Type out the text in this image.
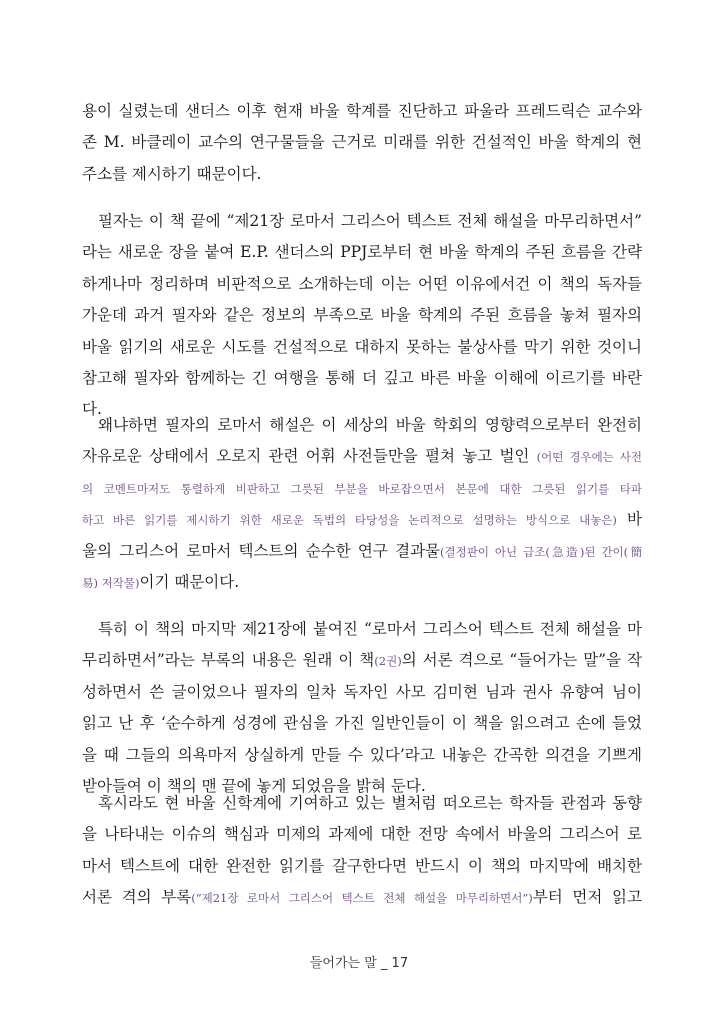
용이 실렸는데 샌더스 이후 현재 바울 학계를 진단하고 파울라 프레드릭슨 교수와
존 M. 바클레이 교수의 연구물들을 근거로 미래를 위한 건설적인 바울 학계의 현
주소를 제시하기 때문이다.

필자는 이 책 끝에 “제21장 로마서 그리스어 텍스트 전체 해설을 마무리하면서”
라는 새로운 장을 붙여 E.P. 샌더스의 PPJ로부터 현 바울 학계의 주된 흐름을 간략
하게나마 정리하며 비판적으로 소개하는데 이는 어떤 이유에서건 이 책의 독자들
가운데 과거 필자와 같은 정보의 부족으로 바울 학계의 주된 흐름을 놓쳐 필자의
바울 읽기의 새로운 시도를 건설적으로 대하지 못하는 불상사를 막기 위한 것이니
참고해 필자와 함께하는 긴 여행을 통해 더 깊고 바른 바울 이해에 이르기를 바란
다.

왜냐하면 필자의 로마서 해설은 이 세상의 바울 학회의 영향력으로부터 완전히
자유로운 상태에서 오로지 관련 어휘 사전들만을 펼쳐 놓고 벌인 (어떤 경우에는 사전
의 코멘트마저도 통렬하게 비판하고 그릇된 부분을 바로잡으면서 본문에 대한 그릇된 읽기를 타파
하고 바른 읽기를 제시하기 위한 새로운 독법의 타당성을 논리적으로 설명하는 방식으로 내놓은) 바
울의 그리스어 로마서 텍스트의 순수한 연구 결과물(결정판이 아닌 급조(急造)된 간이(簡
易) 저작물)이기 때문이다.

특히 이 책의 마지막 제21장에 붙여진 “로마서 그리스어 텍스트 전체 해설을 마
무리하면서”라는 부록의 내용은 원래 이 책(2권)의 서론 격으로 “들어가는 말”을 작
성하면서 쓴 글이었으나 필자의 일차 독자인 사모 김미현 님과 권사 유향여 님이
읽고 난 후 ‘순수하게 성경에 관심을 가진 일반인들이 이 책을 읽으려고 손에 들었
을 때 그들의 의욕마저 상실하게 만들 수 있다’라고 내놓은 간곡한 의견을 기쁘게
받아들여 이 책의 맨 끝에 놓게 되었음을 밝혀 둔다.

혹시라도 현 바울 신학계에 기여하고 있는 별처럼 떠오르는 학자들 관점과 동향
을 나타내는 이슈의 핵심과 미제의 과제에 대한 전망 속에서 바울의 그리스어 로
마서 텍스트에 대한 완전한 읽기를 갈구한다면 반드시 이 책의 마지막에 배치한
서론 격의 부록(“제21장 로마서 그리스어 텍스트 전체 해설을 마무리하면서”)부터 먼저 읽고

들어가는 말 _ 17
